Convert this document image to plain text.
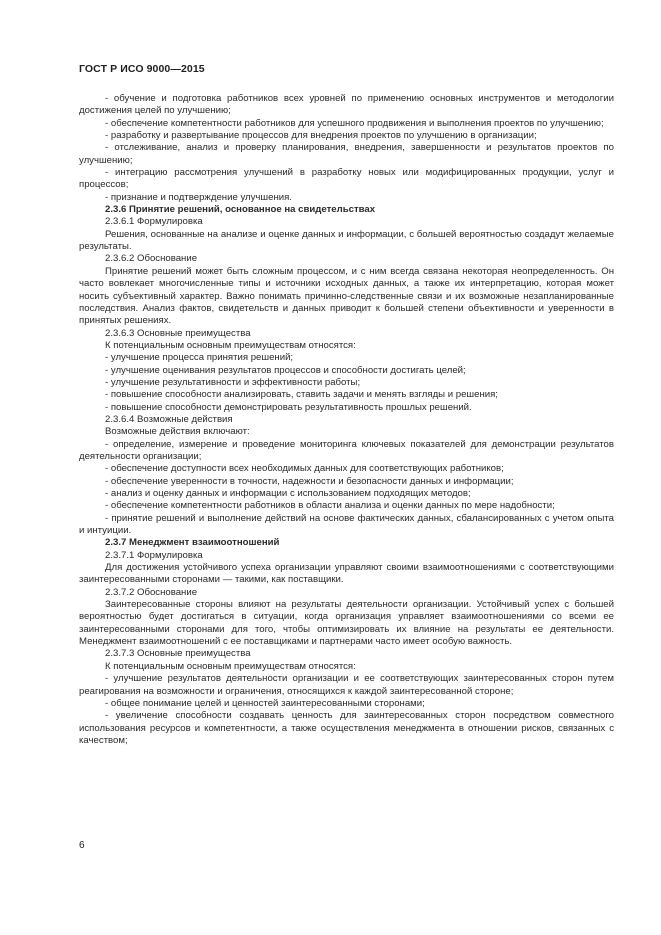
ГОСТ Р ИСО 9000—2015

- обучение и подготовка работников всех уровней по применению основных инструментов и методологии достижения целей по улучшению;

- обеспечение компетентности работников для успешного продвижения и выполнения проектов по улучшению;

- разработку и развертывание процессов для внедрения проектов по улучшению в организации;

- отслеживание, анализ и проверку планирования, внедрения, завершенности и результатов проектов по улучшению;

- интеграцию рассмотрения улучшений в разработку новых или модифицированных продукции, услуг и процессов;

- признание и подтверждение улучшения.

2.3.6 Принятие решений, основанное на свидетельствах

2.3.6.1 Формулировка

Решения, основанные на анализе и оценке данных и информации, с большей вероятностью создадут желаемые результаты.

2.3.6.2 Обоснование

Принятие решений может быть сложным процессом, и с ним всегда связана некоторая неопределенность. Он часто вовлекает многочисленные типы и источники исходных данных, а также их интерпретацию, которая может носить субъективный характер. Важно понимать причинно-следственные связи и их возможные незапланированные последствия. Анализ фактов, свидетельств и данных приводит к большей степени объективности и уверенности в принятых решениях.

2.3.6.3 Основные преимущества

К потенциальным основным преимуществам относятся:

- улучшение процесса принятия решений;

- улучшение оценивания результатов процессов и способности достигать целей;

- улучшение результативности и эффективности работы;

- повышение способности анализировать, ставить задачи и менять взгляды и решения;

- повышение способности демонстрировать результативность прошлых решений.

2.3.6.4 Возможные действия

Возможные действия включают:

- определение, измерение и проведение мониторинга ключевых показателей для демонстрации результатов деятельности организации;

- обеспечение доступности всех необходимых данных для соответствующих работников;

- обеспечение уверенности в точности, надежности и безопасности данных и информации;

- анализ и оценку данных и информации с использованием подходящих методов;

- обеспечение компетентности работников в области анализа и оценки данных по мере надобности;

- принятие решений и выполнение действий на основе фактических данных, сбалансированных с учетом опыта и интуиции.

2.3.7 Менеджмент взаимоотношений

2.3.7.1 Формулировка

Для достижения устойчивого успеха организации управляют своими взаимоотношениями с соответствующими заинтересованными сторонами — такими, как поставщики.

2.3.7.2 Обоснование

Заинтересованные стороны влияют на результаты деятельности организации. Устойчивый успех с большей вероятностью будет достигаться в ситуации, когда организация управляет взаимоотношениями со всеми ее заинтересованными сторонами для того, чтобы оптимизировать их влияние на результаты ее деятельности. Менеджмент взаимоотношений с ее поставщиками и партнерами часто имеет особую важность.

2.3.7.3 Основные преимущества

К потенциальным основным преимуществам относятся:

- улучшение результатов деятельности организации и ее соответствующих заинтересованных сторон путем реагирования на возможности и ограничения, относящихся к каждой заинтересованной стороне;

- общее понимание целей и ценностей заинтересованными сторонами;

- увеличение способности создавать ценность для заинтересованных сторон посредством совместного использования ресурсов и компетентности, а также осуществления менеджмента в отношении рисков, связанных с качеством;

6
